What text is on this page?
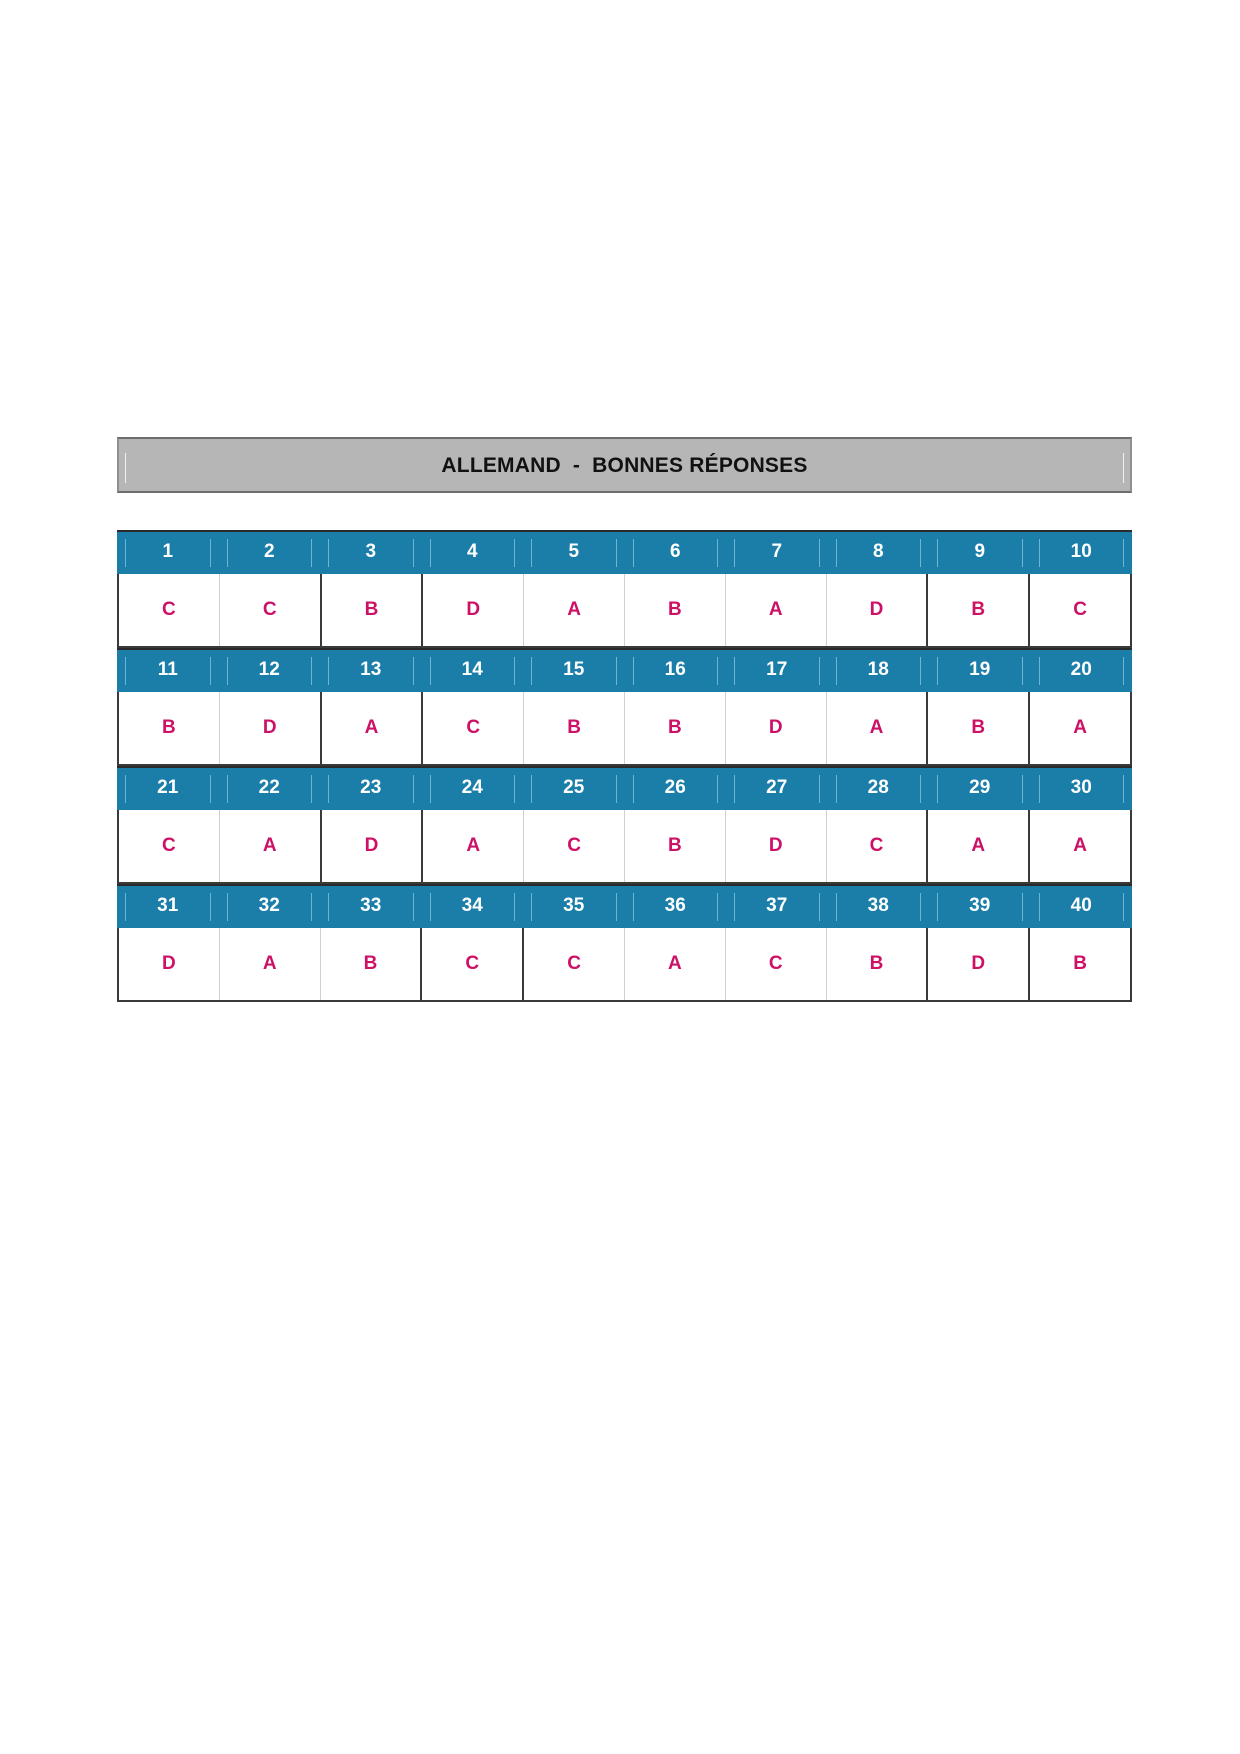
ALLEMAND  -  BONNES RÉPONSES
1	2	3	4	5	6	7	8	9	10
C	C	B	D	A	B	A	D	B	C
11	12	13	14	15	16	17	18	19	20
B	D	A	C	B	B	D	A	B	A
21	22	23	24	25	26	27	28	29	30
C	A	D	A	C	B	D	C	A	A
31	32	33	34	35	36	37	38	39	40
D	A	B	C	C	A	C	B	D	B
